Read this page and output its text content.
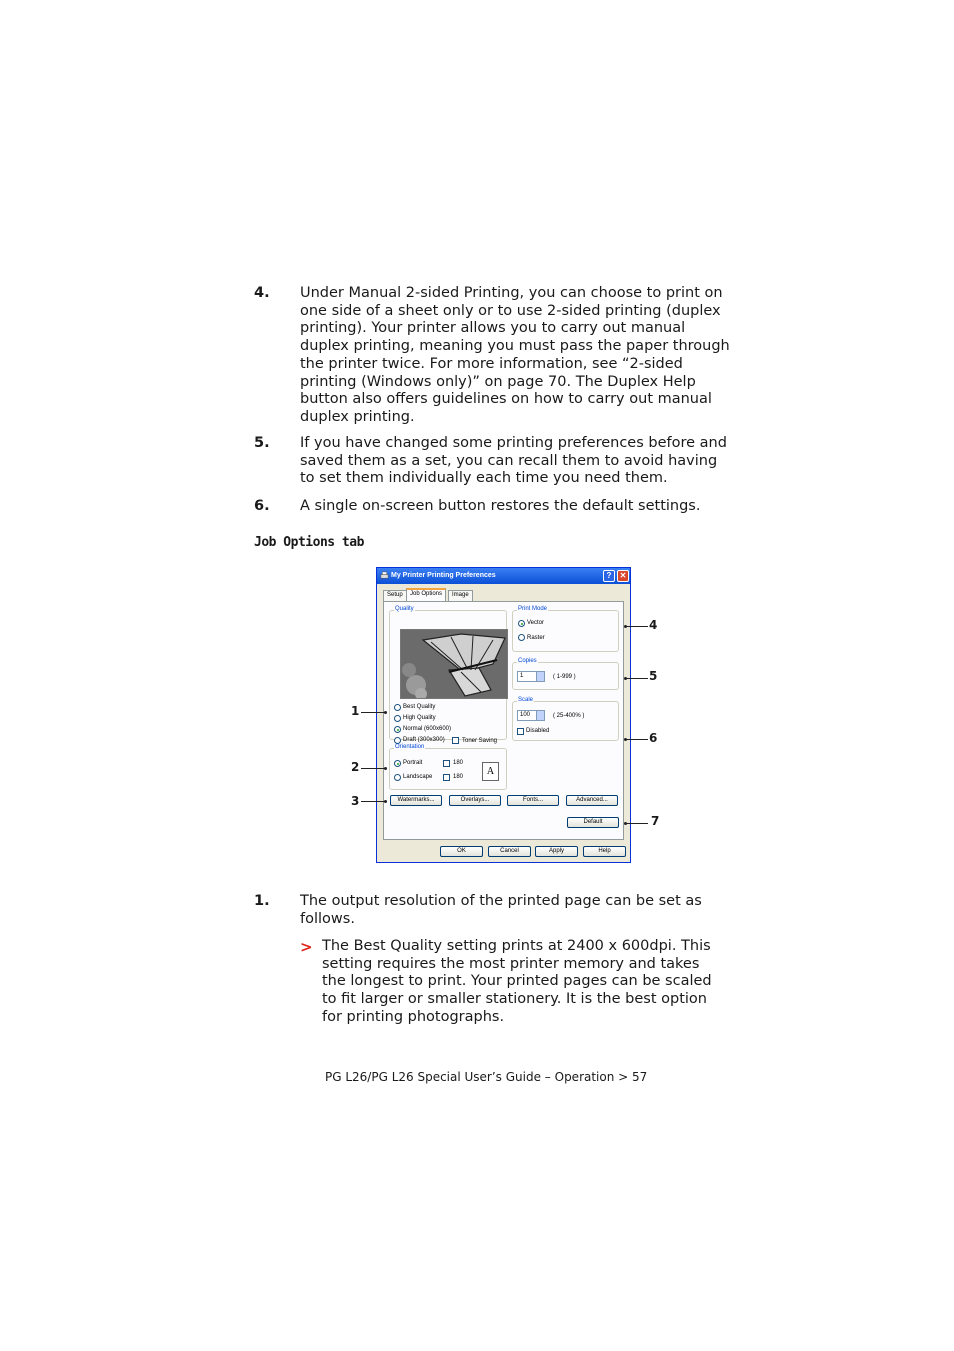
4. Under Manual 2-sided Printing, you can choose to print on one side of a sheet only or to use 2-sided printing (duplex printing). Your printer allows you to carry out manual duplex printing, meaning you must pass the paper through the printer twice. For more information, see “2-sided printing (Windows only)” on page 70. The Duplex Help button also offers guidelines on how to carry out manual duplex printing.
5. If you have changed some printing preferences before and saved them as a set, you can recall them to avoid having to set them individually each time you need them.
6. A single on-screen button restores the default settings.
Job Options tab
My Printer Printing Preferences	?	✕
Setup	Job Options	Image
Quality
Best Quality
High Quality
Normal (600x600)
Draft (300x300)	Toner Saving
Print Mode
Vector
Raster
Copies
1	( 1-999 )
Scale
100	( 25-400% )
Disabled
Orientation
Portrait
Landscape
180
180	A
Watermarks...	Overlays...	Fonts...	Advanced...
Default
OK	Cancel	Apply	Help
1
2
3
4
5
6
7
1. The output resolution of the printed page can be set as follows.
> The Best Quality setting prints at 2400 x 600dpi. This setting requires the most printer memory and takes the longest to print. Your printed pages can be scaled to fit larger or smaller stationery. It is the best option for printing photographs.
PG L26/PG L26 Special User’s Guide – Operation > 57
